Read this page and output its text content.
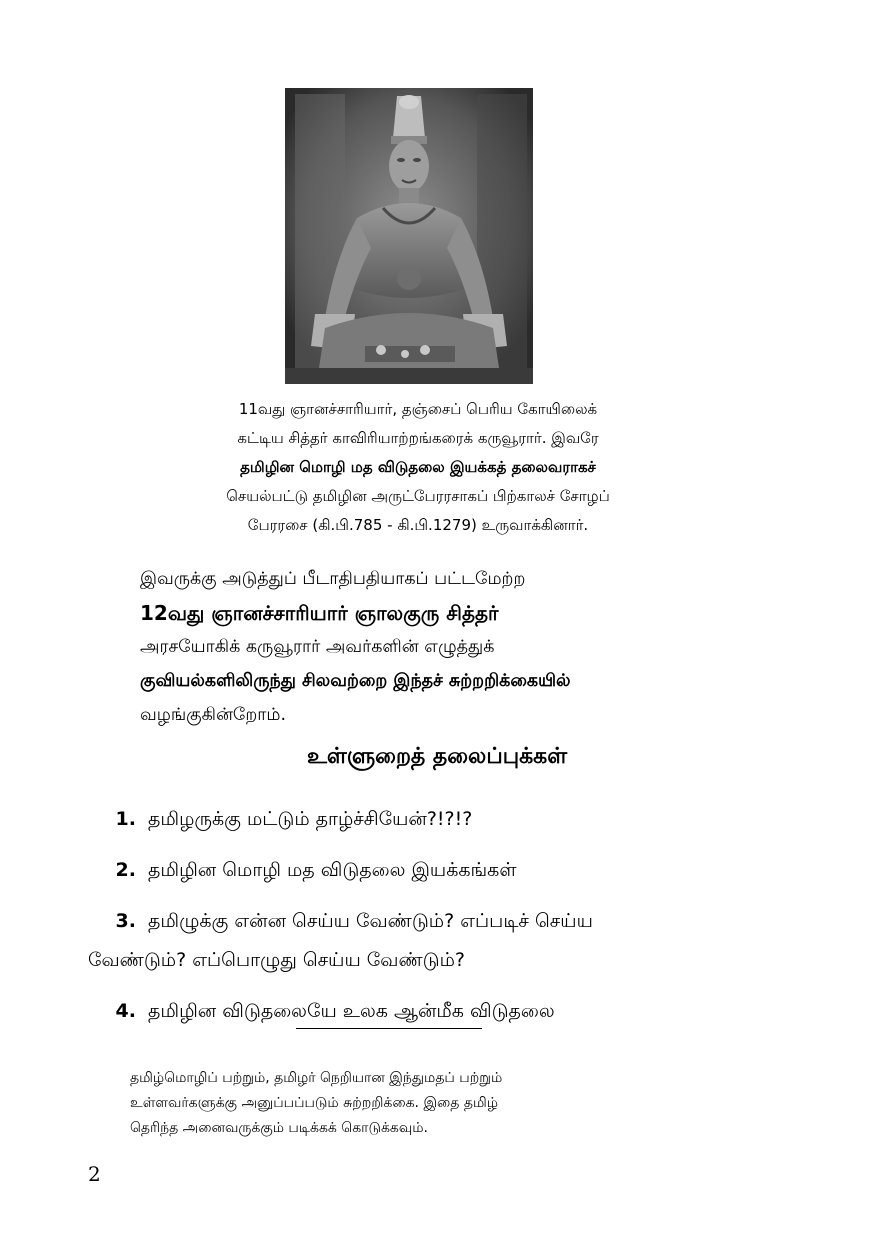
11வது ஞானச்சாரியார், தஞ்சைப் பெரிய கோயிலைக்
கட்டிய சித்தர் காவிரியாற்றங்கரைக் கருவூரார். இவரே
தமிழின மொழி மத விடுதலை இயக்கத் தலைவராகச்
செயல்பட்டு தமிழின அருட்பேரரசாகப் பிற்காலச் சோழப்
பேரரசை (கி.பி.785 - கி.பி.1279) உருவாக்கினார்.
இவருக்கு அடுத்துப் பீடாதிபதியாகப் பட்டமேற்ற
12வது ஞானச்சாரியார் ஞாலகுரு சித்தர்
அரசயோகிக் கருவூரார் அவர்களின் எழுத்துக்
குவியல்களிலிருந்து சிலவற்றை இந்தச் சுற்றறிக்கையில்
வழங்குகின்றோம்.
உள்ளுறைத் தலைப்புக்கள்
1. தமிழருக்கு மட்டும் தாழ்ச்சியேன்?!?!?
2. தமிழின மொழி மத விடுதலை இயக்கங்கள்
3. தமிழுக்கு என்ன செய்ய வேண்டும்? எப்படிச் செய்ய
வேண்டும்? எப்பொழுது செய்ய வேண்டும்?
4. தமிழின விடுதலையே உலக ஆன்மீக விடுதலை
தமிழ்மொழிப் பற்றும், தமிழர் நெறியான இந்துமதப் பற்றும்
உள்ளவர்களுக்கு அனுப்பப்படும் சுற்றறிக்கை. இதை தமிழ்
தெரிந்த அனைவருக்கும் படிக்கக் கொடுக்கவும்.
2
